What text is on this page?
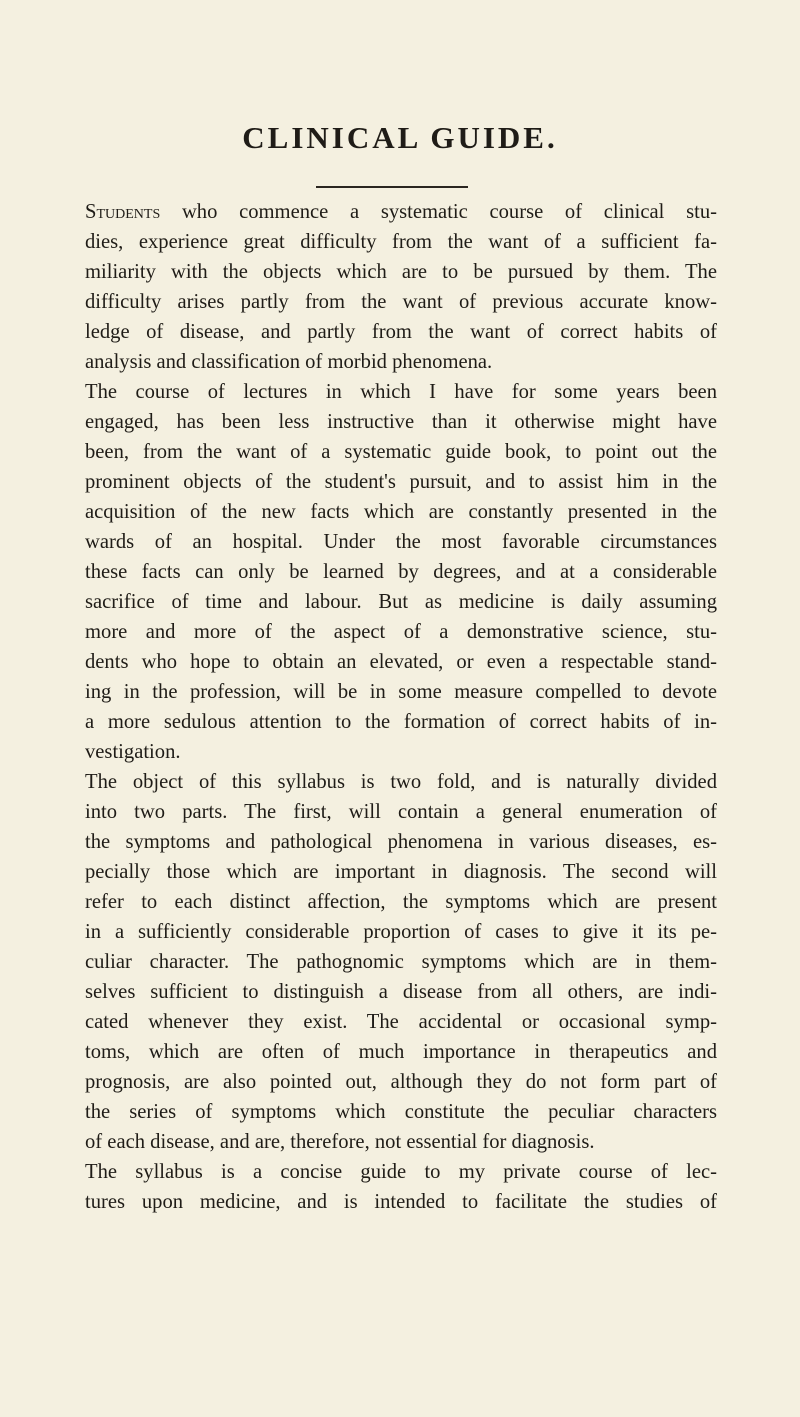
CLINICAL GUIDE.
Students who commence a systematic course of clinical stu-
dies, experience great difficulty from the want of a sufficient fa-
miliarity with the objects which are to be pursued by them. The
difficulty arises partly from the want of previous accurate know-
ledge of disease, and partly from the want of correct habits of
analysis and classification of morbid phenomena.
The course of lectures in which I have for some years been
engaged, has been less instructive than it otherwise might have
been, from the want of a systematic guide book, to point out the
prominent objects of the student's pursuit, and to assist him in the
acquisition of the new facts which are constantly presented in the
wards of an hospital. Under the most favorable circumstances
these facts can only be learned by degrees, and at a considerable
sacrifice of time and labour. But as medicine is daily assuming
more and more of the aspect of a demonstrative science, stu-
dents who hope to obtain an elevated, or even a respectable stand-
ing in the profession, will be in some measure compelled to devote
a more sedulous attention to the formation of correct habits of in-
vestigation.
The object of this syllabus is two fold, and is naturally divided
into two parts. The first, will contain a general enumeration of
the symptoms and pathological phenomena in various diseases, es-
pecially those which are important in diagnosis. The second will
refer to each distinct affection, the symptoms which are present
in a sufficiently considerable proportion of cases to give it its pe-
culiar character. The pathognomic symptoms which are in them-
selves sufficient to distinguish a disease from all others, are indi-
cated whenever they exist. The accidental or occasional symp-
toms, which are often of much importance in therapeutics and
prognosis, are also pointed out, although they do not form part of
the series of symptoms which constitute the peculiar characters
of each disease, and are, therefore, not essential for diagnosis.
The syllabus is a concise guide to my private course of lec-
tures upon medicine, and is intended to facilitate the studies of
